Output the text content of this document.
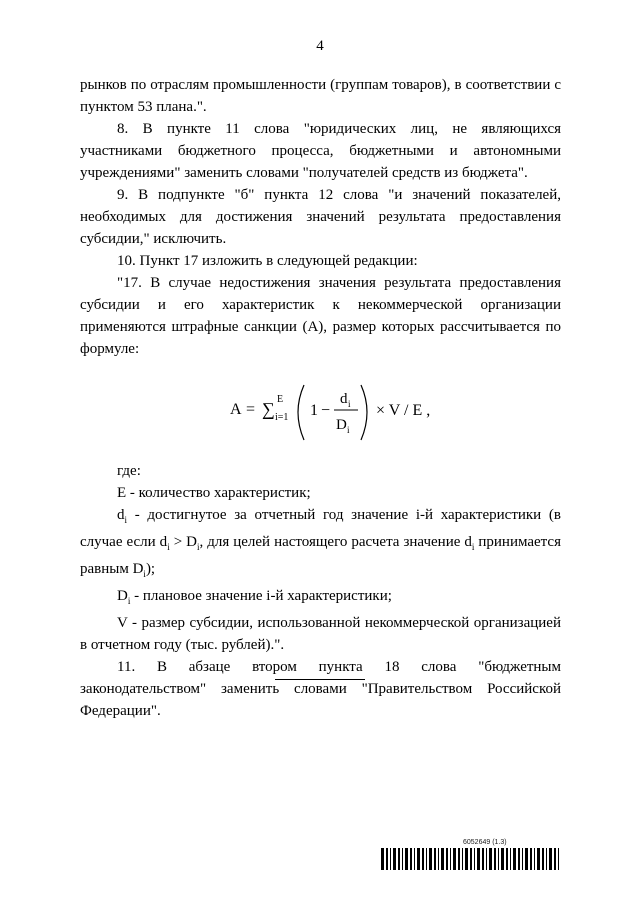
4

рынков по отраслям промышленности (группам товаров), в соответствии с пунктом 53 плана.".

8. В пункте 11 слова "юридических лиц, не являющихся участниками бюджетного процесса, бюджетными и автономными учреждениями" заменить словами "получателей средств из бюджета".

9. В подпункте "б" пункта 12 слова "и значений показателей, необходимых для достижения значений результата предоставления субсидии," исключить.

10. Пункт 17 изложить в следующей редакции:

"17. В случае недостижения значения результата предоставления субсидии и его характеристик к некоммерческой организации применяются штрафные санкции (А), размер которых рассчитывается по формуле:

A = ∑ E
i=1 1 −
d i
D i
× V / E ,

где:

E - количество характеристик;

$d_i$ - достигнутое за отчетный год значение i-й характеристики (в случае если $d_i > D_i$, для целей настоящего расчета значение $d_i$ принимается равным $D_i$);

$D_i$ - плановое значение i-й характеристики;

V - размер субсидии, использованной некоммерческой организацией в отчетном году (тыс. рублей).".

11. В абзаце втором пункта 18 слова "бюджетным законодательством" заменить словами "Правительством Российской Федерации".

6052649 (1.3)
